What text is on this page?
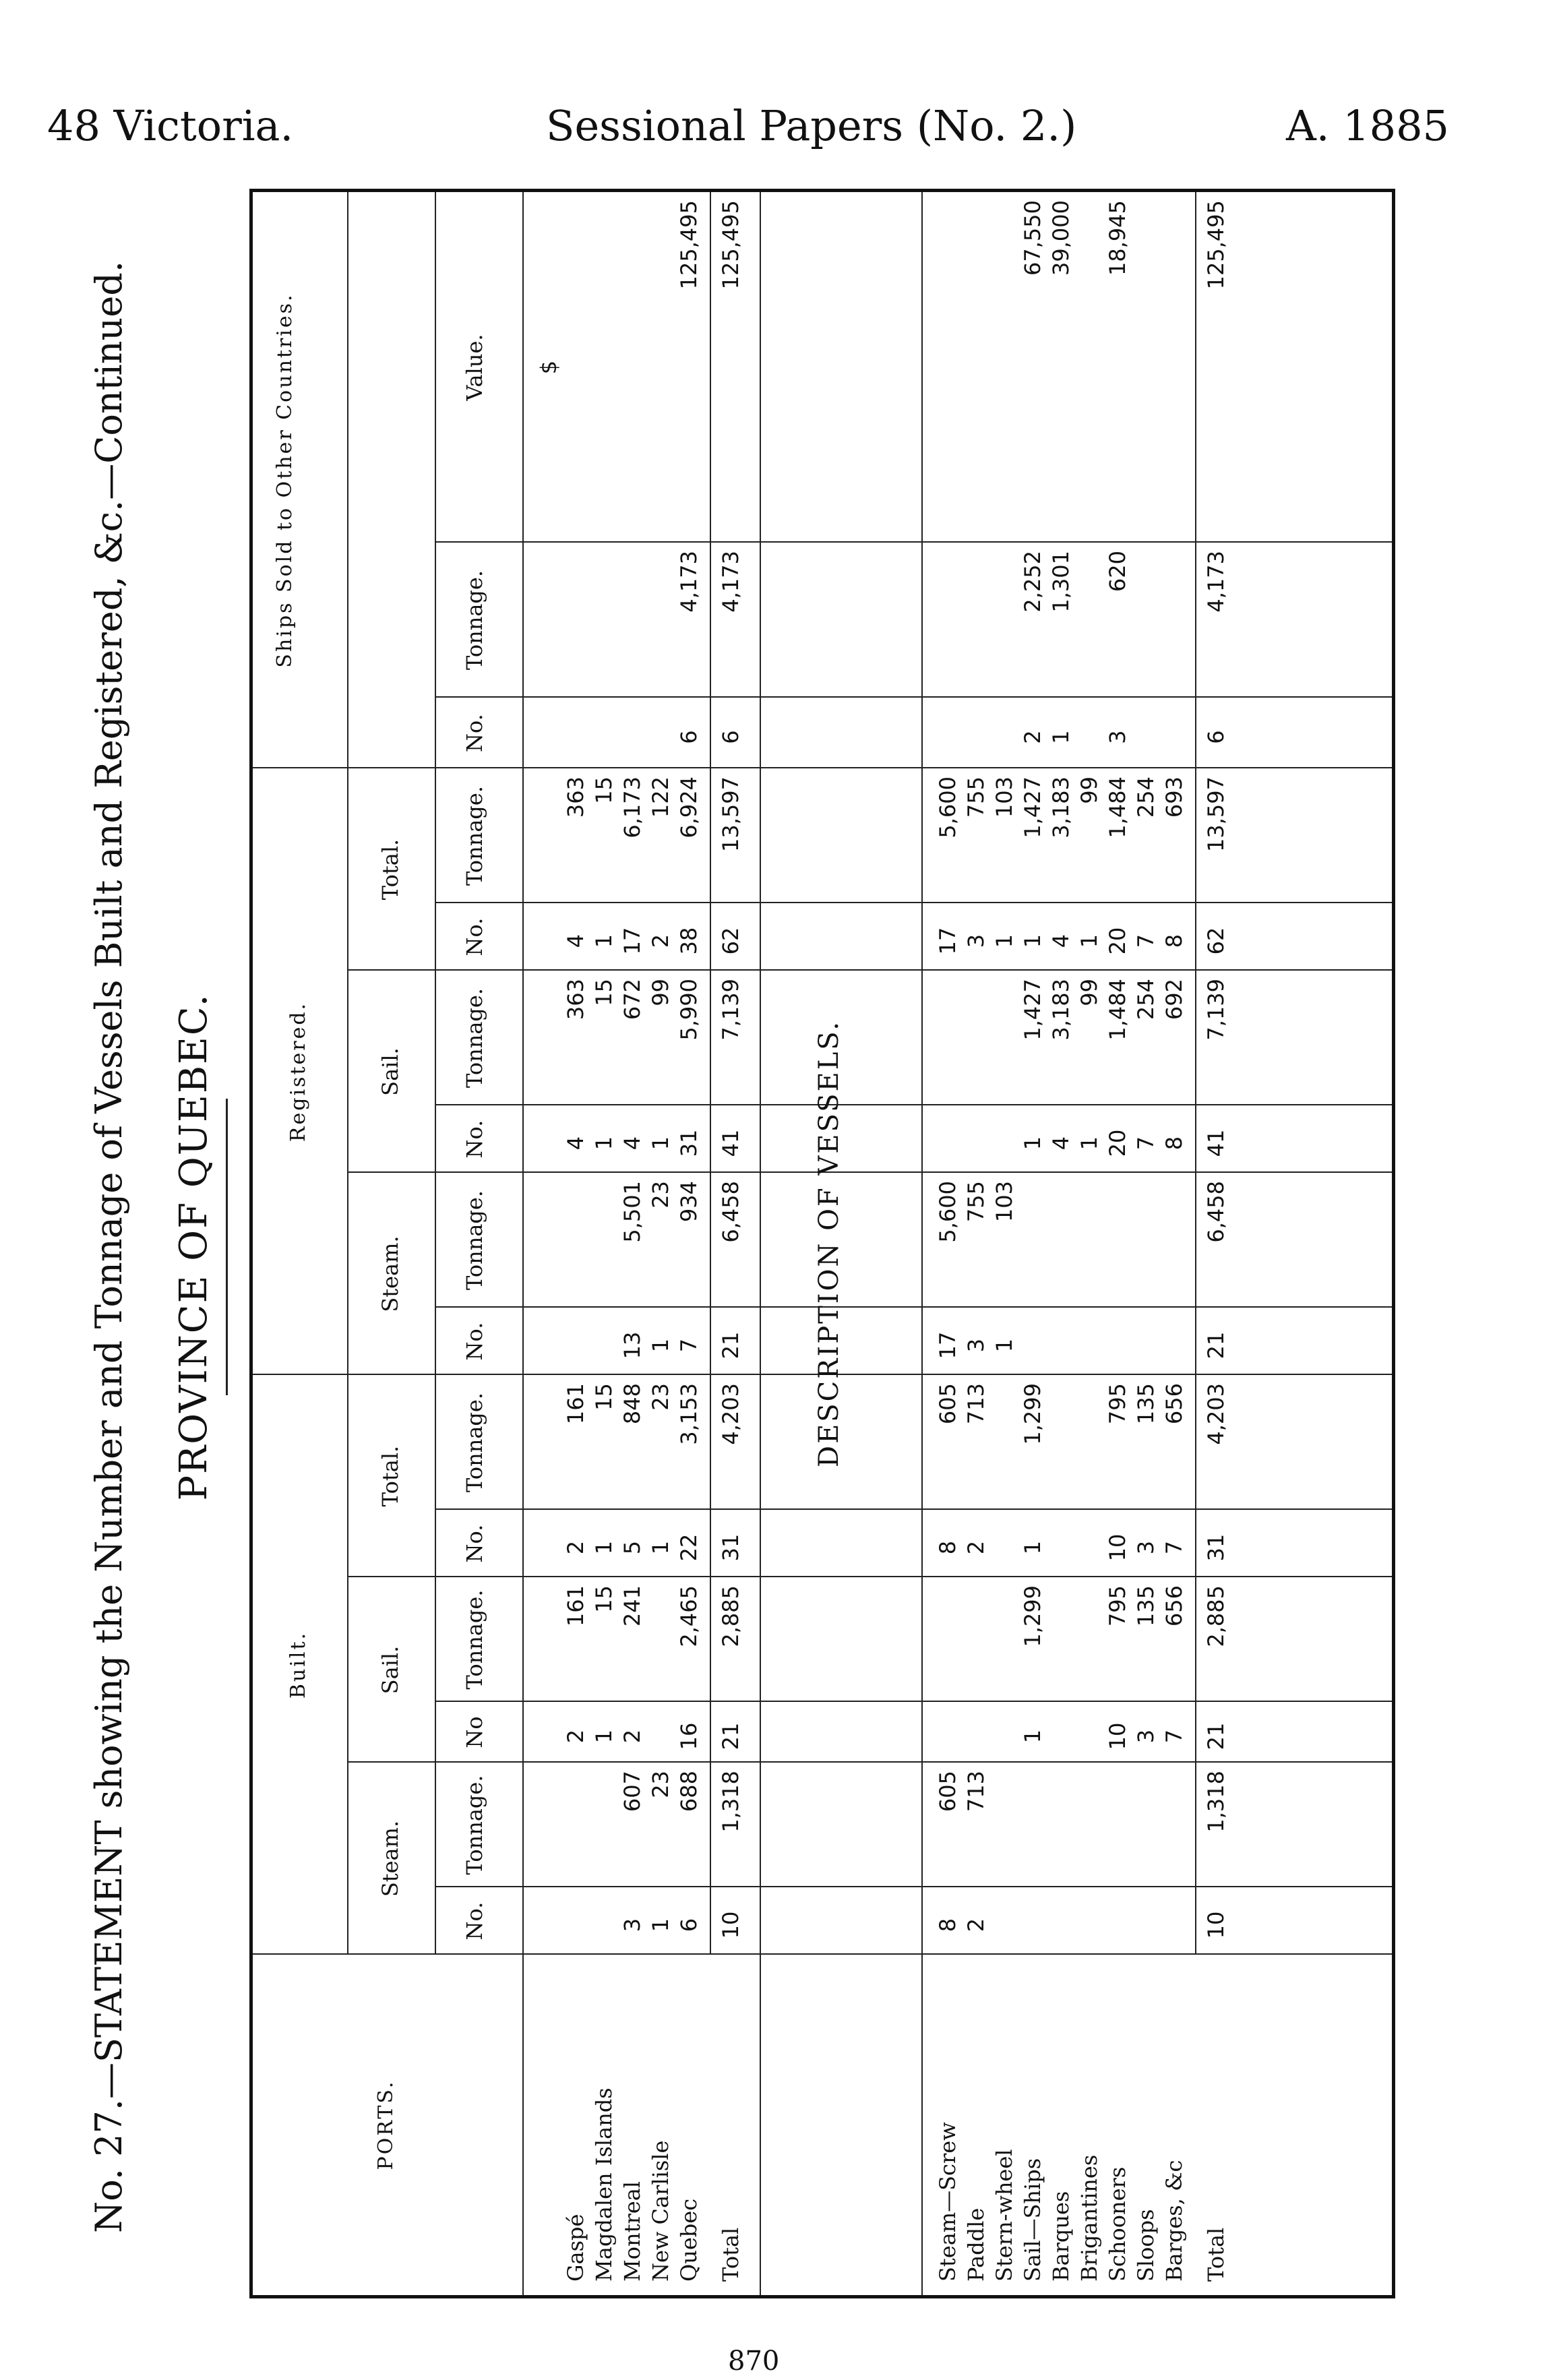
48 Victoria.	Sessional Papers (No. 2.)	A. 1885
No. 27.—STATEMENT showing the Number and Tonnage of Vessels Built and Registered, &c.—Continued. PROVINCE OF QUEBEC.
PORTS.
Built.
Registered.
Ships Sold to Other Countries.
Steam.
Sail.
Total.
Steam.
Sail.
Total.
No.
Tonnage.
No
Tonnage.
No.
Tonnage.
No.
Tonnage.
No.
Tonnage.
No.
Tonnage.
No.
Tonnage.
Value. $
Gaspé
2
161
2
161
4
363
4
363
Magdalen Islands
1
15
1
15
1
15
1
15
Montreal
3
607
2
241
5
848
13
5,501
4
672
17
6,173
New Carlisle
1
23
1
23
1
23
1
99
2
122
Quebec
6
688
16
2,465
22
3,153
7
934
31
5,990
38
6,924
6
4,173
125,495
Total
10
1,318
21
2,885
31
4,203
21
6,458
41
7,139
62
13,597
6
4,173
125,495
DESCRIPTION OF VESSELS.
Steam—Screw
8
605
8
605
17
5,600
17
5,600
Paddle
2
713
2
713
3
755
3
755
Stern-wheel
1
103
1
103
Sail—Ships
1
1,299
1
1,299
1
1,427
1
1,427
2
2,252
67,550
Barques
4
3,183
4
3,183
1
1,301
39,000
Brigantines
1
99
1
99
Schooners
10
795
10
795
20
1,484
20
1,484
3
620
18,945
Sloops
3
135
3
135
7
254
7
254
Barges, &c
7
656
7
656
8
692
8
693
Total
10
1,318
21
2,885
31
4,203
21
6,458
41
7,139
62
13,597
6
4,173
125,495
870
